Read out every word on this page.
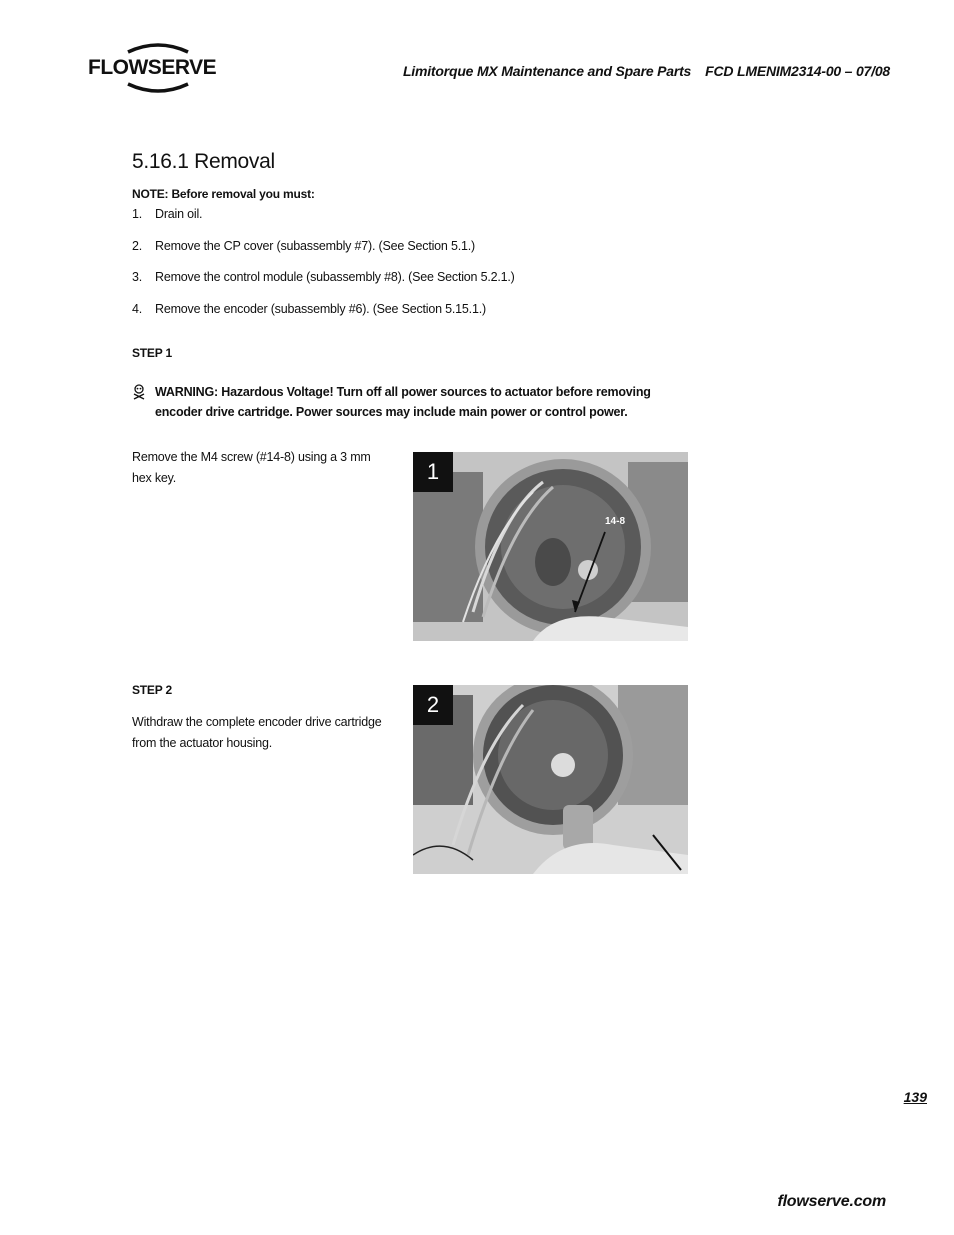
FLOWSERVE	Limitorque MX Maintenance and Spare Parts FCD LMENIM2314-00 – 07/08
5.16.1 Removal
NOTE: Before removal you must:
1. Drain oil.
2. Remove the CP cover (subassembly #7). (See Section 5.1.)
3. Remove the control module (subassembly #8). (See Section 5.2.1.)
4. Remove the encoder (subassembly #6). (See Section 5.15.1.)
STEP 1
WARNING: Hazardous Voltage! Turn off all power sources to actuator before removing
encoder drive cartridge. Power sources may include main power or control power.
Remove the M4 screw (#14-8) using a 3 mm hex key.	1
14-8
STEP 2
Withdraw the complete encoder drive cartridge from the actuator housing.
2
139
flowserve.com
